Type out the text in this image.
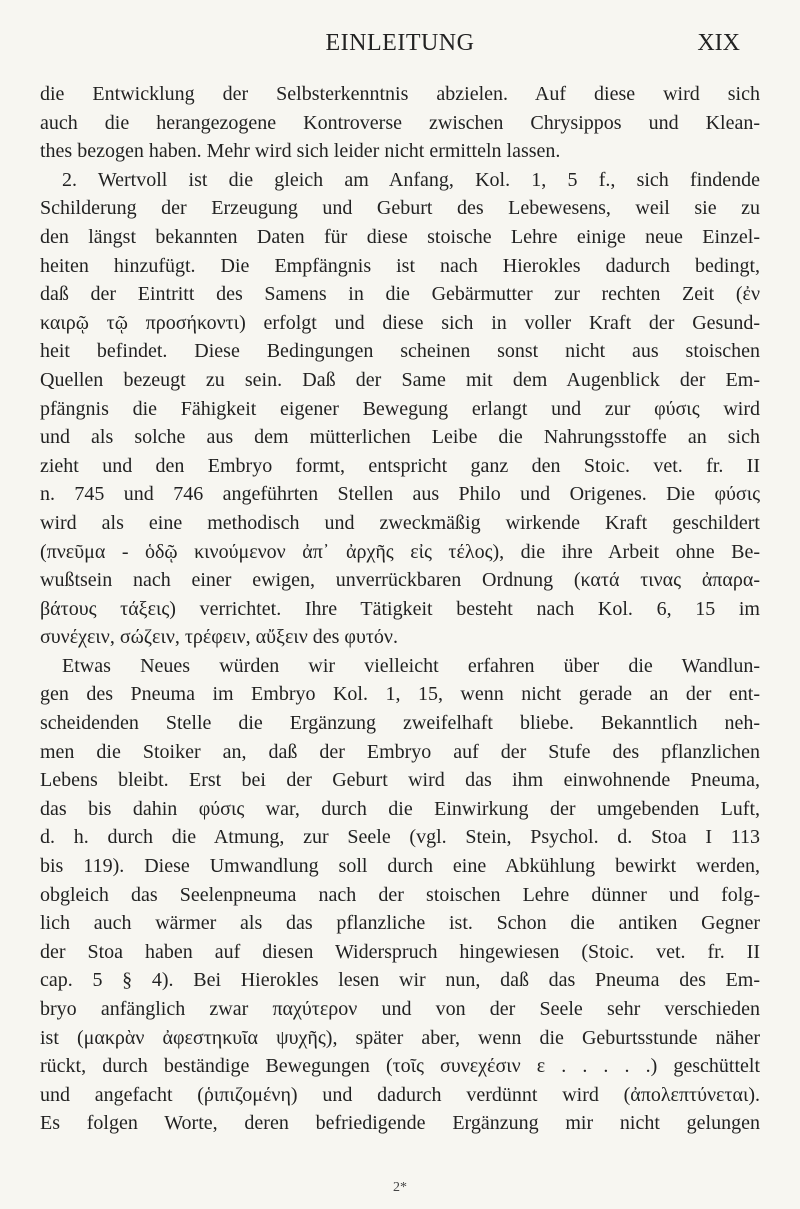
EINLEITUNG	XIX
die Entwicklung der Selbsterkenntnis abzielen. Auf diese wird sich
auch die herangezogene Kontroverse zwischen Chrysippos und Klean-
thes bezogen haben. Mehr wird sich leider nicht ermitteln lassen.
2. Wertvoll ist die gleich am Anfang, Kol. 1, 5 f., sich findende
Schilderung der Erzeugung und Geburt des Lebewesens, weil sie zu
den längst bekannten Daten für diese stoische Lehre einige neue Einzel-
heiten hinzufügt. Die Empfängnis ist nach Hierokles dadurch bedingt,
daß der Eintritt des Samens in die Gebärmutter zur rechten Zeit (ἐν
καιρῷ τῷ προσήκοντι) erfolgt und diese sich in voller Kraft der Gesund-
heit befindet. Diese Bedingungen scheinen sonst nicht aus stoischen
Quellen bezeugt zu sein. Daß der Same mit dem Augenblick der Em-
pfängnis die Fähigkeit eigener Bewegung erlangt und zur φύσις wird
und als solche aus dem mütterlichen Leibe die Nahrungsstoffe an sich
zieht und den Embryo formt, entspricht ganz den Stoic. vet. fr. II
n. 745 und 746 angeführten Stellen aus Philo und Origenes. Die φύσις
wird als eine methodisch und zweckmäßig wirkende Kraft geschildert
(πνεῦμα - ὁδῷ κινούμενον ἀπ᾽ ἀρχῆς εἰς τέλος), die ihre Arbeit ohne Be-
wußtsein nach einer ewigen, unverrückbaren Ordnung (κατά τινας ἀπαρα-
βάτους τάξεις) verrichtet. Ihre Tätigkeit besteht nach Kol. 6, 15 im
συνέχειν, σώζειν, τρέφειν, αὔξειν des φυτόν.
Etwas Neues würden wir vielleicht erfahren über die Wandlun-
gen des Pneuma im Embryo Kol. 1, 15, wenn nicht gerade an der ent-
scheidenden Stelle die Ergänzung zweifelhaft bliebe. Bekanntlich neh-
men die Stoiker an, daß der Embryo auf der Stufe des pflanzlichen
Lebens bleibt. Erst bei der Geburt wird das ihm einwohnende Pneuma,
das bis dahin φύσις war, durch die Einwirkung der umgebenden Luft,
d. h. durch die Atmung, zur Seele (vgl. Stein, Psychol. d. Stoa I 113
bis 119). Diese Umwandlung soll durch eine Abkühlung bewirkt werden,
obgleich das Seelenpneuma nach der stoischen Lehre dünner und folg-
lich auch wärmer als das pflanzliche ist. Schon die antiken Gegner
der Stoa haben auf diesen Widerspruch hingewiesen (Stoic. vet. fr. II
cap. 5 § 4). Bei Hierokles lesen wir nun, daß das Pneuma des Em-
bryo anfänglich zwar παχύτερον und von der Seele sehr verschieden
ist (μακρὰν ἀφεστηκυῖα ψυχῆς), später aber, wenn die Geburtsstunde näher
rückt, durch beständige Bewegungen (τοῖς συνεχέσιν ε . . . . .) geschüttelt
und angefacht (ῥιπιζομένη) und dadurch verdünnt wird (ἀπολεπτύνεται).
Es folgen Worte, deren befriedigende Ergänzung mir nicht gelungen
2*
